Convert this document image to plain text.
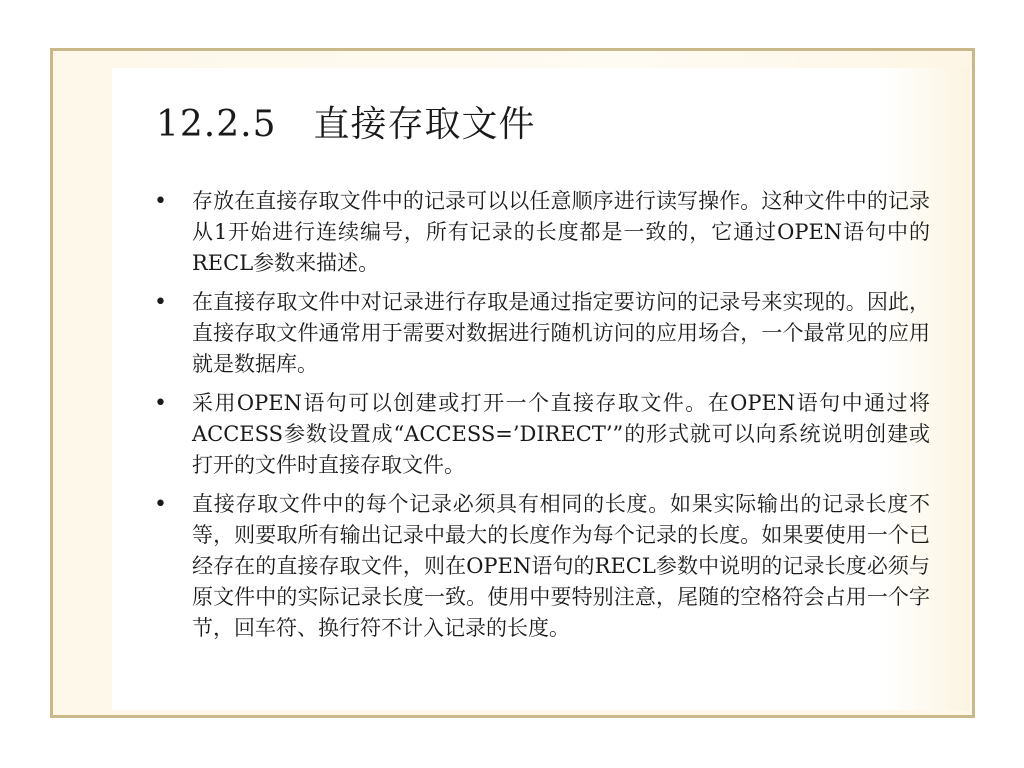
12.2.5　直接存取文件
• 存放在直接存取文件中的记录可以以任意顺序进行读写操作。这种文件中的记录从1开始进行连续编号，所有记录的长度都是一致的，它通过OPEN语句中的RECL参数来描述。
• 在直接存取文件中对记录进行存取是通过指定要访问的记录号来实现的。因此，直接存取文件通常用于需要对数据进行随机访问的应用场合，一个最常见的应用就是数据库。
• 采用OPEN语句可以创建或打开一个直接存取文件。在OPEN语句中通过将ACCESS参数设置成“ACCESS=’DIRECT’”的形式就可以向系统说明创建或打开的文件时直接存取文件。
• 直接存取文件中的每个记录必须具有相同的长度。如果实际输出的记录长度不等，则要取所有输出记录中最大的长度作为每个记录的长度。如果要使用一个已经存在的直接存取文件，则在OPEN语句的RECL参数中说明的记录长度必须与原文件中的实际记录长度一致。使用中要特别注意，尾随的空格符会占用一个字节，回车符、换行符不计入记录的长度。
